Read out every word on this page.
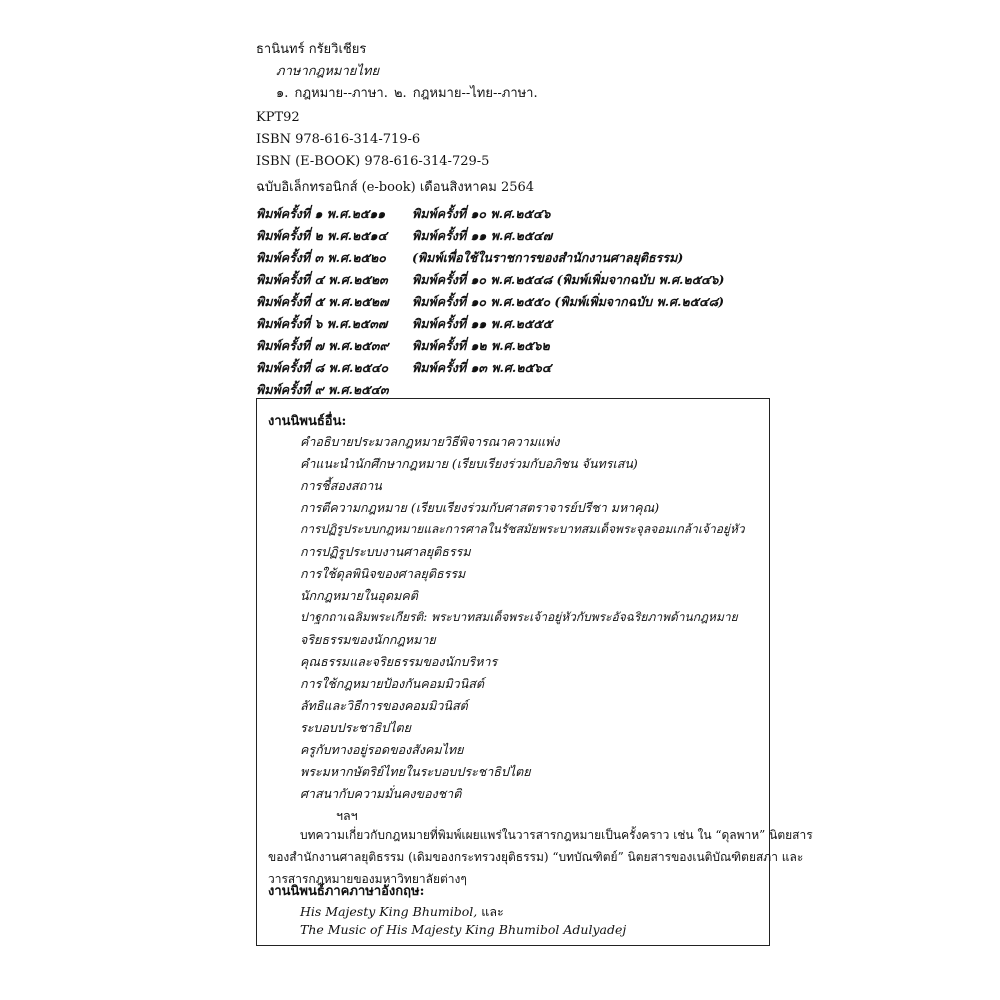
ธานินทร์ กรัยวิเชียร
ภาษากฎหมายไทย
๑. กฎหมาย--ภาษา. ๒. กฎหมาย--ไทย--ภาษา.
KPT92
ISBN 978-616-314-719-6
ISBN (E-BOOK) 978-616-314-729-5
ฉบับอิเล็กทรอนิกส์ (e-book) เดือนสิงหาคม 2564
พิมพ์ครั้งที่ ๑ พ.ศ.๒๕๑๑
พิมพ์ครั้งที่ ๒ พ.ศ.๒๕๑๔
พิมพ์ครั้งที่ ๓ พ.ศ.๒๕๒๐
พิมพ์ครั้งที่ ๔ พ.ศ.๒๕๒๓
พิมพ์ครั้งที่ ๕ พ.ศ.๒๕๒๗
พิมพ์ครั้งที่ ๖ พ.ศ.๒๕๓๗
พิมพ์ครั้งที่ ๗ พ.ศ.๒๕๓๙
พิมพ์ครั้งที่ ๘ พ.ศ.๒๕๔๐
พิมพ์ครั้งที่ ๙ พ.ศ.๒๕๔๓
พิมพ์ครั้งที่ ๑๐ พ.ศ.๒๕๔๖
พิมพ์ครั้งที่ ๑๑ พ.ศ.๒๕๔๗
(พิมพ์เพื่อใช้ในราชการของสำนักงานศาลยุติธรรม)
พิมพ์ครั้งที่ ๑๐ พ.ศ.๒๕๔๘ (พิมพ์เพิ่มจากฉบับ พ.ศ.๒๕๔๖)
พิมพ์ครั้งที่ ๑๐ พ.ศ.๒๕๕๐ (พิมพ์เพิ่มจากฉบับ พ.ศ.๒๕๔๘)
พิมพ์ครั้งที่ ๑๑ พ.ศ.๒๕๕๕
พิมพ์ครั้งที่ ๑๒ พ.ศ.๒๕๖๒
พิมพ์ครั้งที่ ๑๓ พ.ศ.๒๕๖๔
งานนิพนธ์อื่น:
คำอธิบายประมวลกฎหมายวิธีพิจารณาความแพ่ง
คำแนะนำนักศึกษากฎหมาย (เรียบเรียงร่วมกับอภิชน จันทรเสน)
การชี้สองสถาน
การตีความกฎหมาย (เรียบเรียงร่วมกับศาสตราจารย์ปรีชา มหาคุณ)
การปฏิรูประบบกฎหมายและการศาลในรัชสมัยพระบาทสมเด็จพระจุลจอมเกล้าเจ้าอยู่หัว
การปฏิรูประบบงานศาลยุติธรรม
การใช้ดุลพินิจของศาลยุติธรรม
นักกฎหมายในอุดมคติ
ปาฐกถาเฉลิมพระเกียรติ: พระบาทสมเด็จพระเจ้าอยู่หัวกับพระอัจฉริยภาพด้านกฎหมาย
จริยธรรมของนักกฎหมาย
คุณธรรมและจริยธรรมของนักบริหาร
การใช้กฎหมายป้องกันคอมมิวนิสต์
ลัทธิและวิธีการของคอมมิวนิสต์
ระบอบประชาธิปไตย
ครูกับทางอยู่รอดของสังคมไทย
พระมหากษัตริย์ไทยในระบอบประชาธิปไตย
ศาสนากับความมั่นคงของชาติ
ฯลฯ
บทความเกี่ยวกับกฎหมายที่พิมพ์เผยแพร่ในวารสารกฎหมายเป็นครั้งคราว เช่น ใน “ดุลพาห” นิตยสาร
ของสำนักงานศาลยุติธรรม (เดิมของกระทรวงยุติธรรม) “บทบัณฑิตย์” นิตยสารของเนติบัณฑิตยสภา และ
วารสารกฎหมายของมหาวิทยาลัยต่างๆ
งานนิพนธ์ภาคภาษาอังกฤษ:
His Majesty King Bhumibol, และ
The Music of His Majesty King Bhumibol Adulyadej
